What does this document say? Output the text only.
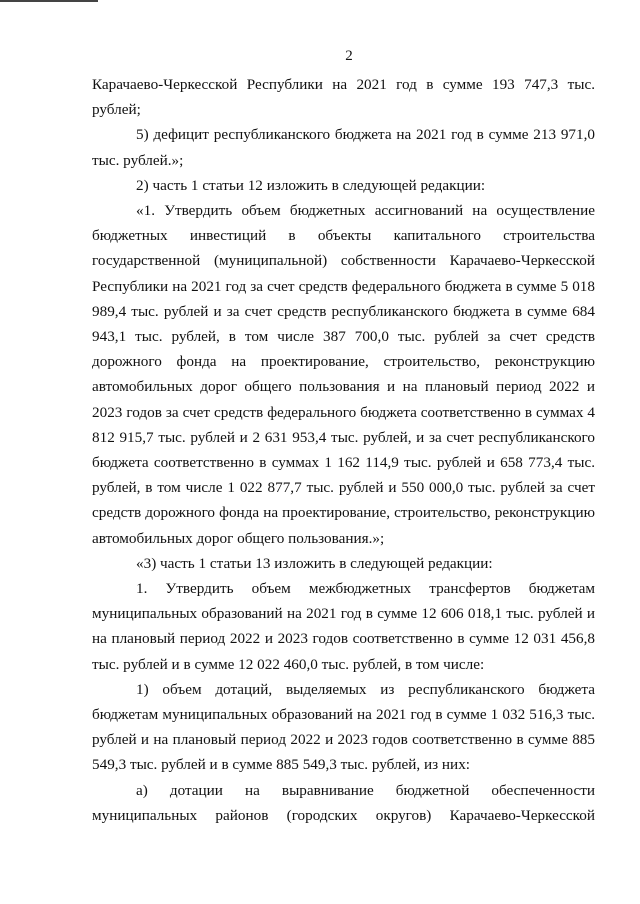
2

Карачаево-Черкесской Республики на 2021 год в сумме 193 747,3 тыс. рублей;

5) дефицит республиканского бюджета на 2021 год в сумме 213 971,0 тыс. рублей.»;

2) часть 1 статьи 12 изложить в следующей редакции:

«1. Утвердить объем бюджетных ассигнований на осуществление бюджетных инвестиций в объекты капитального строительства государственной (муниципальной) собственности Карачаево-Черкесской Республики на 2021 год за счет средств федерального бюджета в сумме 5 018 989,4 тыс. рублей и за счет средств республиканского бюджета в сумме 684 943,1 тыс. рублей, в том числе 387 700,0 тыс. рублей за счет средств дорожного фонда на проектирование, строительство, реконструкцию автомобильных дорог общего пользования и на плановый период 2022 и 2023 годов за счет средств федерального бюджета соответственно в суммах 4 812 915,7 тыс. рублей и 2 631 953,4 тыс. рублей, и за счет республиканского бюджета соответственно в суммах 1 162 114,9 тыс. рублей и 658 773,4 тыс. рублей, в том числе 1 022 877,7 тыс. рублей и 550 000,0 тыс. рублей за счет средств дорожного фонда на проектирование, строительство, реконструкцию автомобильных дорог общего пользования.»;

«3) часть 1 статьи 13 изложить в следующей редакции:

1. Утвердить объем межбюджетных трансфертов бюджетам муниципальных образований на 2021 год в сумме 12 606 018,1 тыс. рублей и на плановый период 2022 и 2023 годов соответственно в сумме 12 031 456,8 тыс. рублей и в сумме 12 022 460,0 тыс. рублей, в том числе:

1) объем дотаций, выделяемых из республиканского бюджета бюджетам муниципальных образований на 2021 год в сумме 1 032 516,3 тыс. рублей и на плановый период 2022 и 2023 годов соответственно в сумме 885 549,3 тыс. рублей и в сумме 885 549,3 тыс. рублей, из них:

а) дотации на выравнивание бюджетной обеспеченности муниципальных районов (городских округов) Карачаево-Черкесской
